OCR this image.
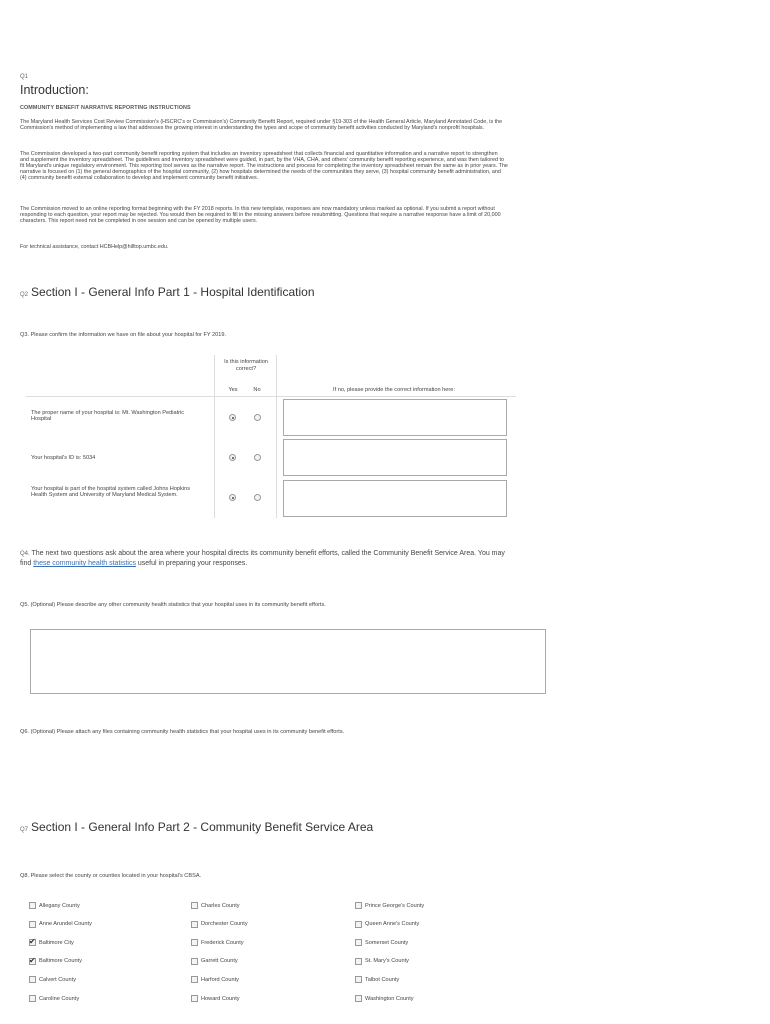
Q1
Introduction:
COMMUNITY BENEFIT NARRATIVE REPORTING INSTRUCTIONS
The Maryland Health Services Cost Review Commission's (HSCRC's or Commission's) Community Benefit Report, required under §19-303 of the Health General Article, Maryland Annotated Code, is the Commission's method of implementing a law that addresses the growing interest in understanding the types and scope of community benefit activities conducted by Maryland's nonprofit hospitals.
The Commission developed a two-part community benefit reporting system that includes an inventory spreadsheet that collects financial and quantitative information and a narrative report to strengthen and supplement the inventory spreadsheet. The guidelines and inventory spreadsheet were guided, in part, by the VHA, CHA, and others' community benefit reporting experience, and was then tailored to fit Maryland's unique regulatory environment. This reporting tool serves as the narrative report. The instructions and process for completing the inventory spreadsheet remain the same as in prior years. The narrative is focused on (1) the general demographics of the hospital community, (2) how hospitals determined the needs of the communities they serve, (3) hospital community benefit administration, and (4) community benefit external collaboration to develop and implement community benefit initiatives.
The Commission moved to an online reporting format beginning with the FY 2018 reports. In this new template, responses are now mandatory unless marked as optional. If you submit a report without responding to each question, your report may be rejected. You would then be required to fill in the missing answers before resubmitting. Questions that require a narrative response have a limit of 20,000 characters. This report need not be completed in one session and can be opened by multiple users.
For technical assistance, contact HCBHelp@hilltop.umbc.edu.
Q2 Section I - General Info Part 1 - Hospital Identification
Q3. Please confirm the information we have on file about your hospital for FY 2019.
Is this information correct?
Yes	No	If no, please provide the correct information here:
The proper name of your hospital is: Mt. Washington Pediatric Hospital
Your hospital's ID is: 5034
Your hospital is part of the hospital system called Johns Hopkins Health System and University of Maryland Medical System.
Q4. The next two questions ask about the area where your hospital directs its community benefit efforts, called the Community Benefit Service Area. You may find these community health statistics useful in preparing your responses.
Q5. (Optional) Please describe any other community health statistics that your hospital uses in its community benefit efforts.
Q6. (Optional) Please attach any files containing community health statistics that your hospital uses in its community benefit efforts.
Q7 Section I - General Info Part 2 - Community Benefit Service Area
Q8. Please select the county or counties located in your hospital's CBSA.
Allegany County
Anne Arundel County
✔
Baltimore City
✔
Baltimore County
Calvert County
Caroline County
Charles County
Dorchester County
Frederick County
Garrett County
Harford County
Howard County
Prince George's County
Queen Anne's County
Somerset County
St. Mary's County
Talbot County
Washington County
